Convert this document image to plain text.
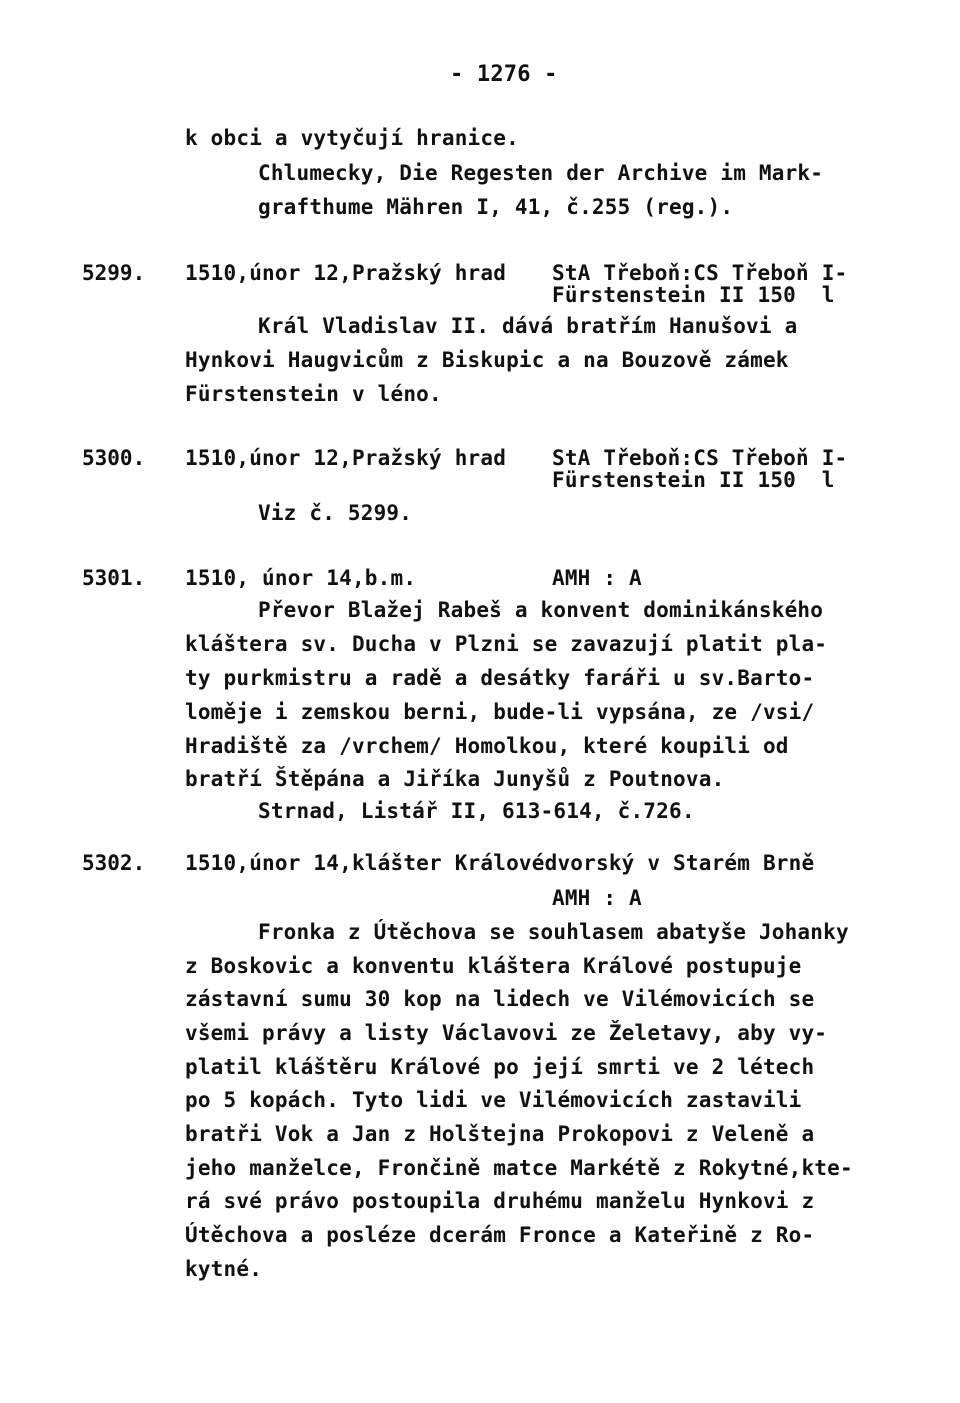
- 1276 -
k obci a vytyčují hranice.
Chlumecky, Die Regesten der Archive im Mark-
grafthume Mähren I, 41, č.255 (reg.).
5299. 1510,únor 12,Pražský hrad StA Třeboň:CS Třeboň I-
Fürstenstein II 150  l
Král Vladislav II. dává bratřím Hanušovi a
Hynkovi Haugvicům z Biskupic a na Bouzově zámek
Fürstenstein v léno.
5300. 1510,únor 12,Pražský hrad StA Třeboň:CS Třeboň I-
Fürstenstein II 150  l
Viz č. 5299.
5301. 1510, únor 14,b.m.	AMH : A
Převor Blažej Rabeš a konvent dominikánského
kláštera sv. Ducha v Plzni se zavazují platit pla-
ty purkmistru a radě a desátky faráři u sv.Barto-
loměje i zemskou berni, bude-li vypsána, ze /vsi/
Hradiště za /vrchem/ Homolkou, které koupili od
bratří Štěpána a Jiříka Junyšů z Poutnova.
Strnad, Listář II, 613-614, č.726.
5302. 1510,únor 14,klášter Královédvorský v Starém Brně
AMH : A
Fronka z Útěchova se souhlasem abatyše Johanky
z Boskovic a konventu kláštera Králové postupuje
zástavní sumu 30 kop na lidech ve Vilémovicích se
všemi právy a listy Václavovi ze Želetavy, aby vy-
platil kláštěru Králové po její smrti ve 2 létech
po 5 kopách. Tyto lidi ve Vilémovicích zastavili
bratři Vok a Jan z Holštejna Prokopovi z Veleně a
jeho manželce, Frončině matce Markétě z Rokytné,kte-
rá své právo postoupila druhému manželu Hynkovi z
Útěchova a posléze dcerám Fronce a Kateřině z Ro-
kytné.
